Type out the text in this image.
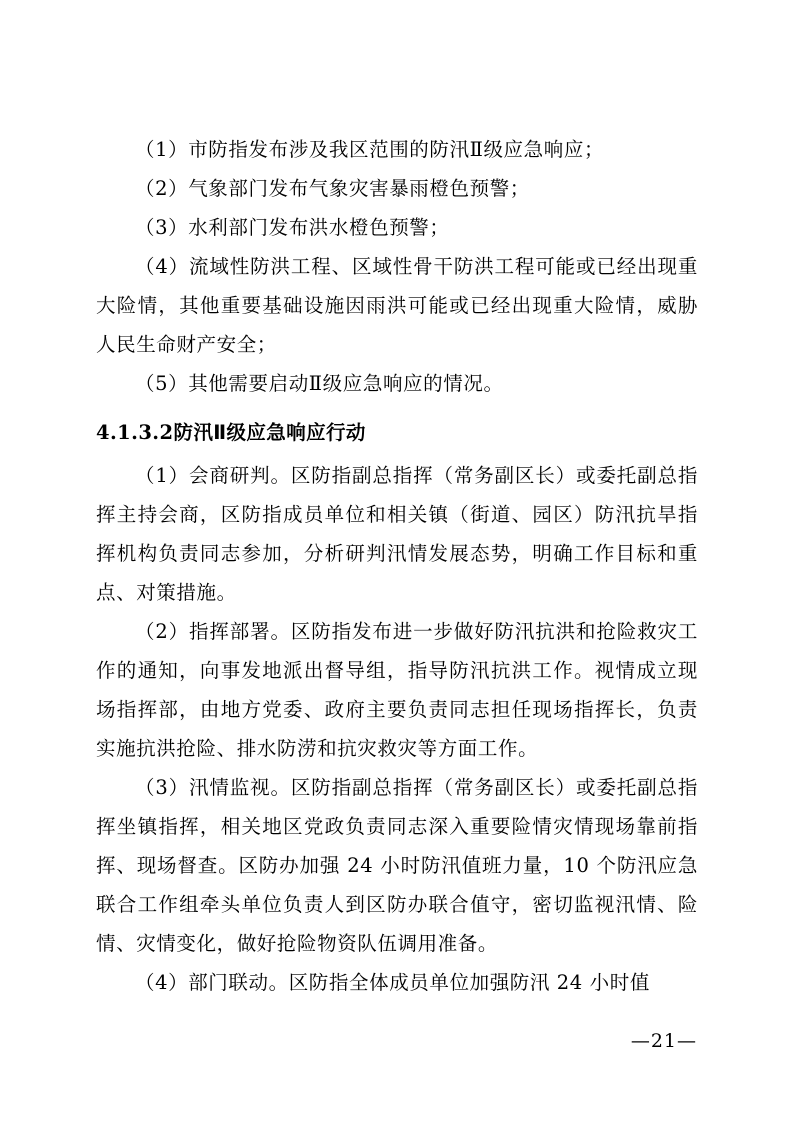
（1）市防指发布涉及我区范围的防汛Ⅱ级应急响应；

（2）气象部门发布气象灾害暴雨橙色预警；

（3）水利部门发布洪水橙色预警；

（4）流域性防洪工程、区域性骨干防洪工程可能或已经出现重大险情，其他重要基础设施因雨洪可能或已经出现重大险情，威胁人民生命财产安全；

（5）其他需要启动Ⅱ级应急响应的情况。

4.1.3.2防汛Ⅱ级应急响应行动

（1）会商研判。区防指副总指挥（常务副区长）或委托副总指挥主持会商，区防指成员单位和相关镇（街道、园区）防汛抗旱指挥机构负责同志参加，分析研判汛情发展态势，明确工作目标和重点、对策措施。

（2）指挥部署。区防指发布进一步做好防汛抗洪和抢险救灾工作的通知，向事发地派出督导组，指导防汛抗洪工作。视情成立现场指挥部，由地方党委、政府主要负责同志担任现场指挥长，负责实施抗洪抢险、排水防涝和抗灾救灾等方面工作。

（3）汛情监视。区防指副总指挥（常务副区长）或委托副总指挥坐镇指挥，相关地区党政负责同志深入重要险情灾情现场靠前指挥、现场督查。区防办加强 24 小时防汛值班力量，10 个防汛应急联合工作组牵头单位负责人到区防办联合值守，密切监视汛情、险情、灾情变化，做好抢险物资队伍调用准备。

（4）部门联动。区防指全体成员单位加强防汛 24 小时值

—21—
